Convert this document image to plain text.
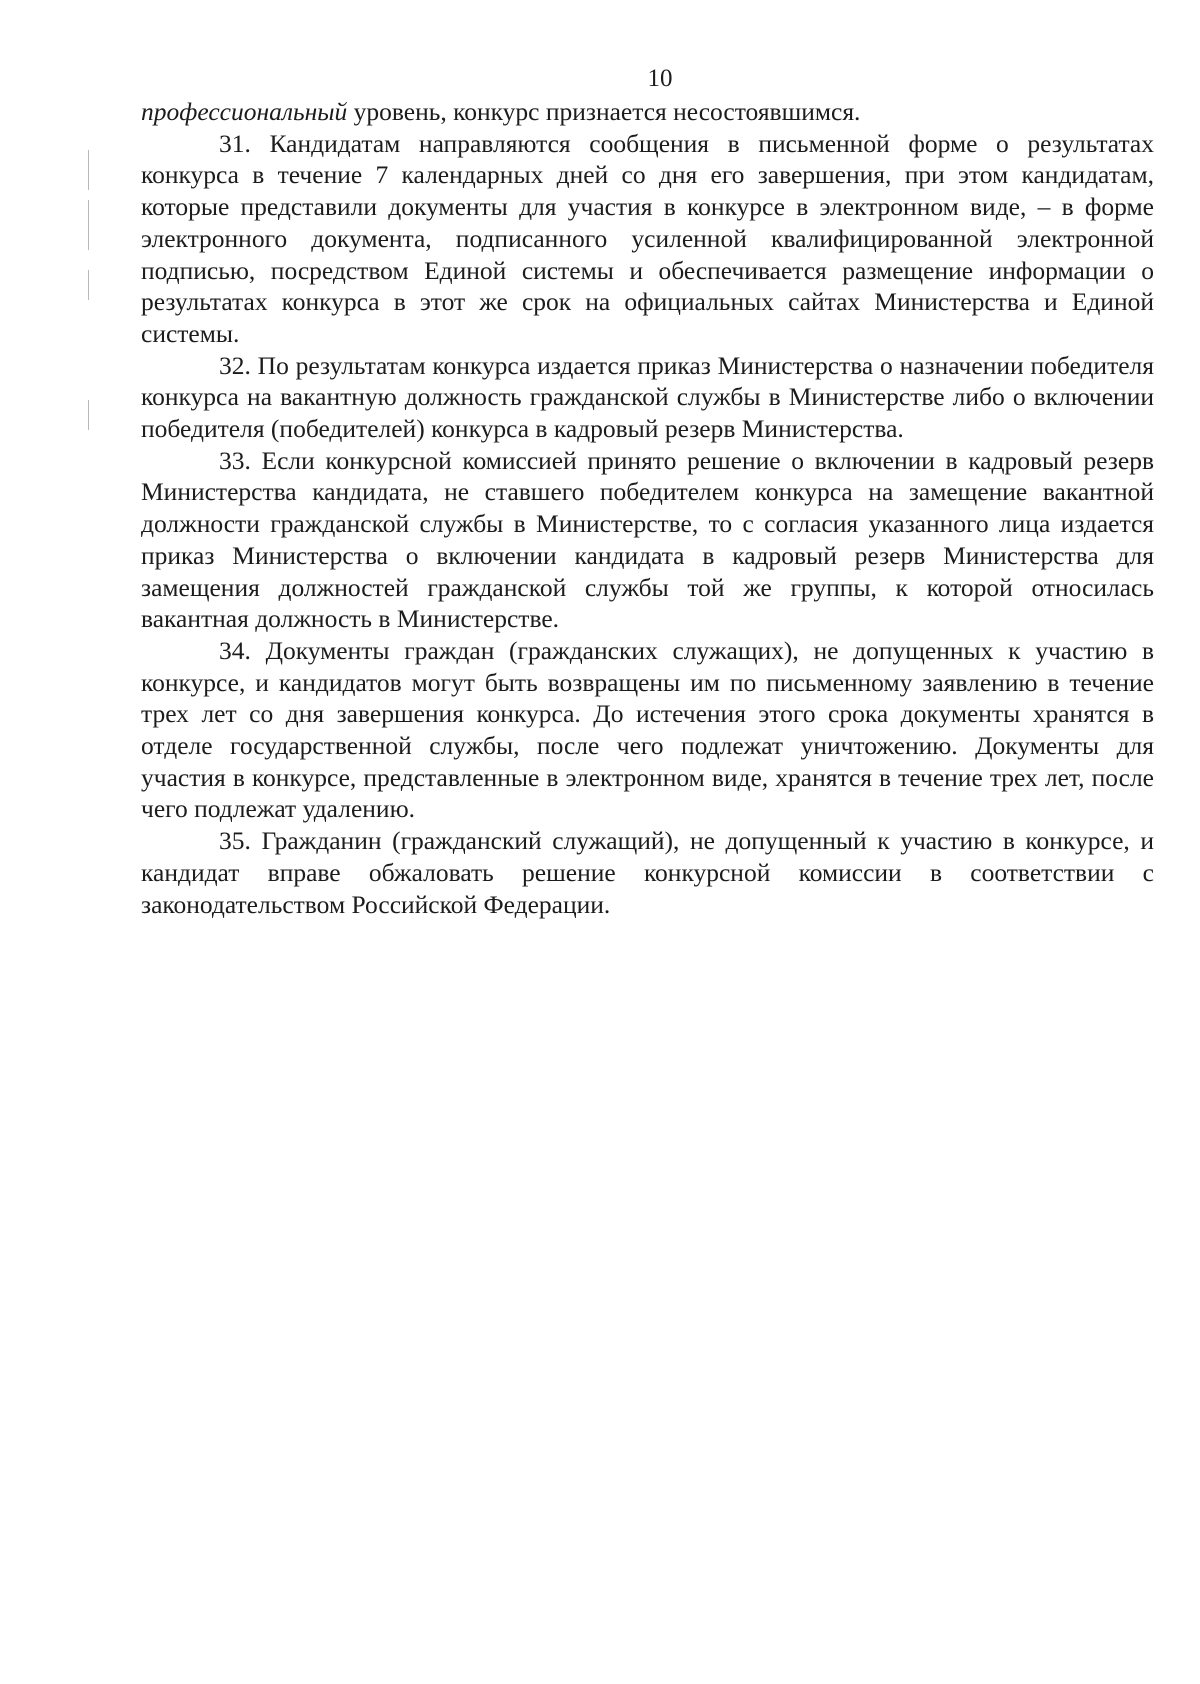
10

профессиональный уровень, конкурс признается несостоявшимся.

31. Кандидатам направляются сообщения в письменной форме о результатах конкурса в течение 7 календарных дней со дня его завершения, при этом кандидатам, которые представили документы для участия в конкурсе в электронном виде, – в форме электронного документа, подписанного усиленной квалифицированной электронной подписью, посредством Единой системы и обеспечивается размещение информации о результатах конкурса в этот же срок на официальных сайтах Министерства и Единой системы.

32. По результатам конкурса издается приказ Министерства о назначении победителя конкурса на вакантную должность гражданской службы в Министерстве либо о включении победителя (победителей) конкурса в кадровый резерв Министерства.

33. Если конкурсной комиссией принято решение о включении в кадровый резерв Министерства кандидата, не ставшего победителем конкурса на замещение вакантной должности гражданской службы в Министерстве, то с согласия указанного лица издается приказ Министерства о включении кандидата в кадровый резерв Министерства для замещения должностей гражданской службы той же группы, к которой относилась вакантная должность в Министерстве.

34. Документы граждан (гражданских служащих), не допущенных к участию в конкурсе, и кандидатов могут быть возвращены им по письменному заявлению в течение трех лет со дня завершения конкурса. До истечения этого срока документы хранятся в отделе государственной службы, после чего подлежат уничтожению. Документы для участия в конкурсе, представленные в электронном виде, хранятся в течение трех лет, после чего подлежат удалению.

35. Гражданин (гражданский служащий), не допущенный к участию в конкурсе, и кандидат вправе обжаловать решение конкурсной комиссии в соответствии с законодательством Российской Федерации.
